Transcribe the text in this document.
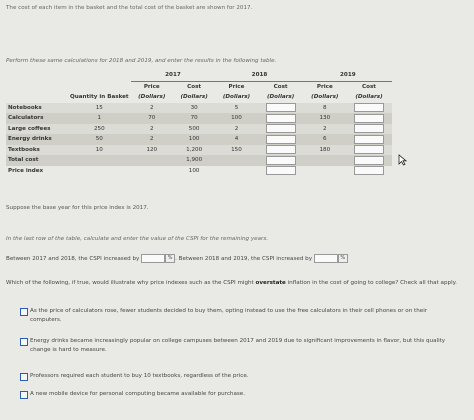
The cost of each item in the basket and the total cost of the basket are shown for 2017.
Perform these same calculations for 2018 and 2019, and enter the results in the following table.
		2017		2018		2019	
		Price	Cost	Price	Cost	Price	Cost
	Quantity in Basket	(Dollars)	(Dollars)	(Dollars)	(Dollars)	(Dollars)	(Dollars)
Notebooks	15	2	30	5		8	
Calculators	1	70	70	100		130	
Large coffees	250	2	500	2		2	
Energy drinks	50	2	100	4		6	
Textbooks	10	120	1,200	150		180	
Total cost			1,900				
Price index			100				
Suppose the base year for this price index is 2017.
In the last row of the table, calculate and enter the value of the CSPI for the remaining years.
Between 2017 and 2018, the CSPI increased by	% . Between 2018 and 2019, the CSPI increased by	%
Which of the following, if true, would illustrate why price indexes such as the CSPI might overstate inflation in the cost of going to college? Check all that apply.
As the price of calculators rose, fewer students decided to buy them, opting instead to use the free calculators in their cell phones or on their computers.
Energy drinks became increasingly popular on college campuses between 2017 and 2019 due to significant improvements in flavor, but this quality change is hard to measure.
Professors required each student to buy 10 textbooks, regardless of the price.
A new mobile device for personal computing became available for purchase.
